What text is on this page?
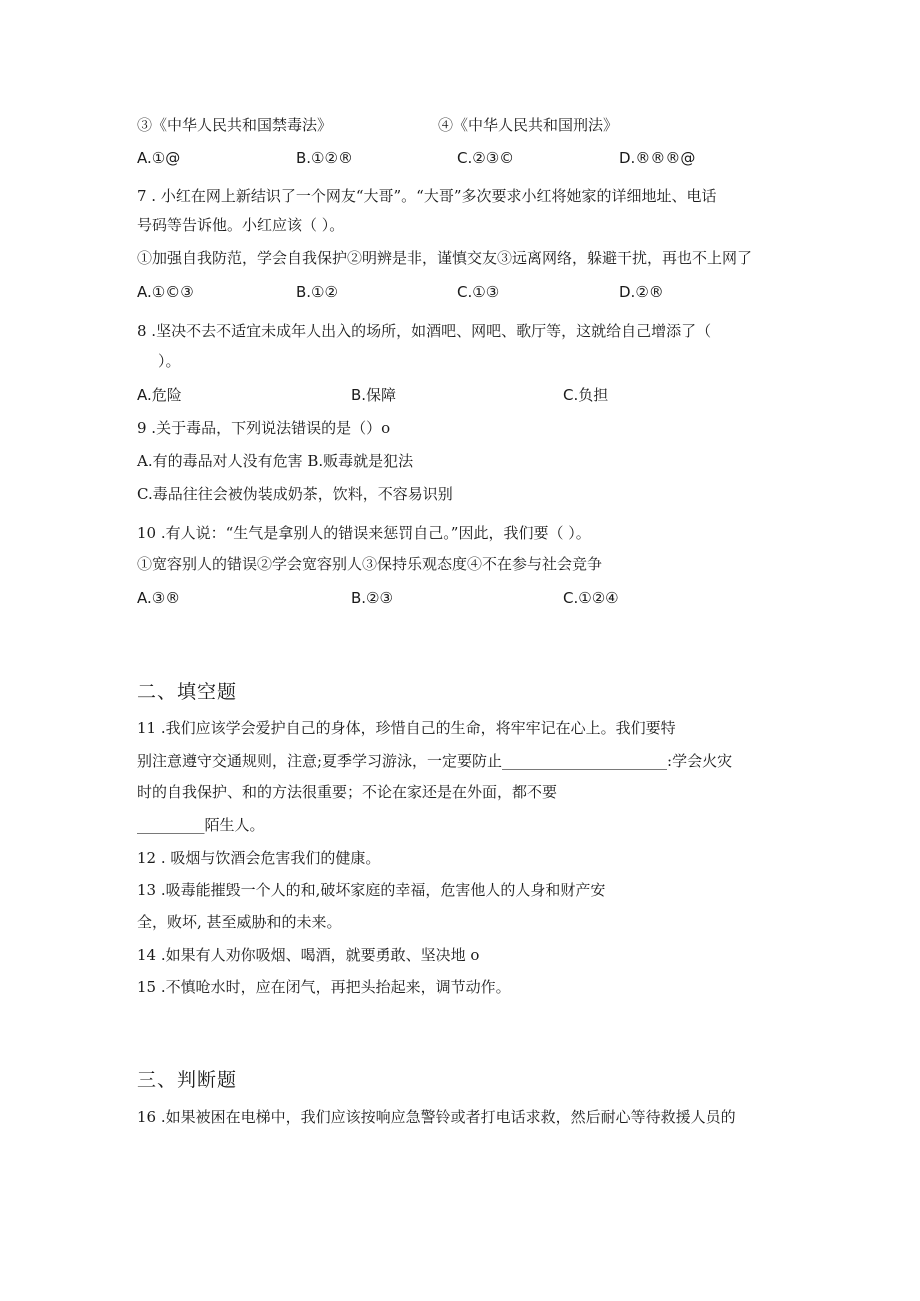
③《中华人民共和国禁毒法》	④《中华人民共和国刑法》
A.①@	B.①②®	C.②③©	D.®®®@
7 . 小红在网上新结识了一个网友“大哥”。“大哥”多次要求小红将她家的详细地址、电话
号码等告诉他。小红应该（ ）。
①加强自我防范，学会自我保护②明辨是非，谨慎交友③远离网络，躲避干扰，再也不上网了
A.①©③	B.①②	C.①③	D.②®
8 .坚决不去不适宜未成年人出入的场所，如酒吧、网吧、歌厅等，这就给自己增添了（
）。
A.危险	B.保障	C.负担
9 .关于毒品，下列说法错误的是（）o
A.有的毒品对人没有危害 B.贩毒就是犯法
C.毒品往往会被伪装成奶茶，饮料，不容易识别
10 .有人说：“生气是拿别人的错误来惩罚自己。”因此，我们要（ ）。
①宽容别人的错误②学会宽容别人③保持乐观态度④不在参与社会竞争
A.③®	B.②③	C.①②④
二、填空题
11 .我们应该学会爱护自己的身体，珍惜自己的生命，将牢牢记在心上。我们要特
别注意遵守交通规则，注意;夏季学习游泳，一定要防止______________________:学会火灾
时的自我保护、和的方法很重要；不论在家还是在外面，都不要
_________陌生人。
12 . 吸烟与饮酒会危害我们的健康。
13 .吸毒能摧毁一个人的和,破坏家庭的幸福，危害他人的人身和财产安
全，败坏, 甚至威胁和的未来。
14 .如果有人劝你吸烟、喝酒，就要勇敢、坚决地 o
15 .不慎呛水时，应在闭气，再把头抬起来，调节动作。
三、判断题
16 .如果被困在电梯中，我们应该按响应急警铃或者打电话求救，然后耐心等待救援人员的
